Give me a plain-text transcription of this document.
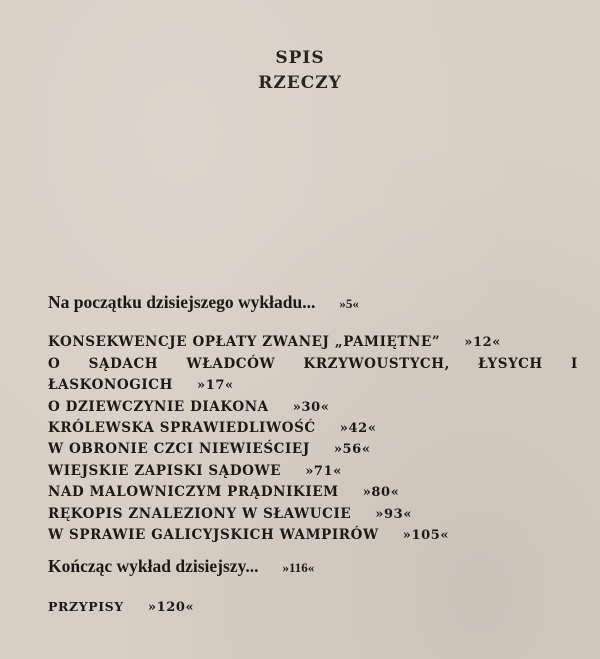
SPIS
RZECZY
Na początku dzisiejszego wykładu... »5«
KONSEKWENCJE OPŁATY ZWANEJ „PAMIĘTNE” »12«
O SĄDACH WŁADCÓW KRZYWOUSTYCH, ŁYSYCH I
ŁASKONOGICH »17«
O DZIEWCZYNIE DIAKONA »30«
KRÓLEWSKA SPRAWIEDLIWOŚĆ »42«
W OBRONIE CZCI NIEWIEŚCIEJ »56«
WIEJSKIE ZAPISKI SĄDOWE »71«
NAD MALOWNICZYM PRĄDNIKIEM »80«
RĘKOPIS ZNALEZIONY W SŁAWUCIE »93«
W SPRAWIE GALICYJSKICH WAMPIRÓW »105«
Kończąc wykład dzisiejszy... »116«
PRZYPISY »120«
